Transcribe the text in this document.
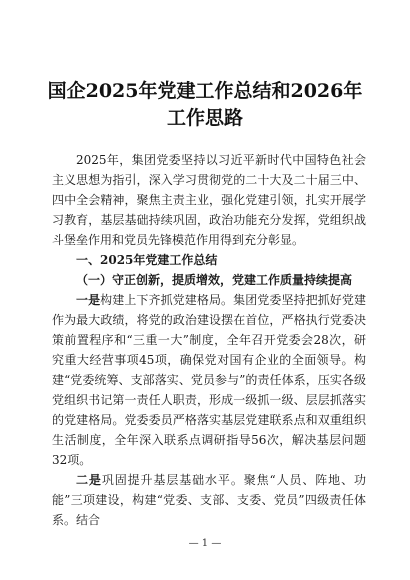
国企2025年党建工作总结和2026年工作思路

2025年，集团党委坚持以习近平新时代中国特色社会主义思想为指引，深入学习贯彻党的二十大及二十届三中、四中全会精神，聚焦主责主业，强化党建引领，扎实开展学习教育，基层基础持续巩固，政治功能充分发挥，党组织战斗堡垒作用和党员先锋模范作用得到充分彰显。

一、2025年党建工作总结

（一）守正创新，提质增效，党建工作质量持续提高

一是构建上下齐抓党建格局。集团党委坚持把抓好党建作为最大政绩，将党的政治建设摆在首位，严格执行党委决策前置程序和“三重一大”制度，全年召开党委会28次，研究重大经营事项45项，确保党对国有企业的全面领导。构建“党委统筹、支部落实、党员参与”的责任体系，压实各级党组织书记第一责任人职责，形成一级抓一级、层层抓落实的党建格局。党委委员严格落实基层党建联系点和双重组织生活制度，全年深入联系点调研指导56次，解决基层问题32项。

二是巩固提升基层基础水平。聚焦“人员、阵地、功能”三项建设，构建“党委、支部、支委、党员”四级责任体系。结合

— 1 —
